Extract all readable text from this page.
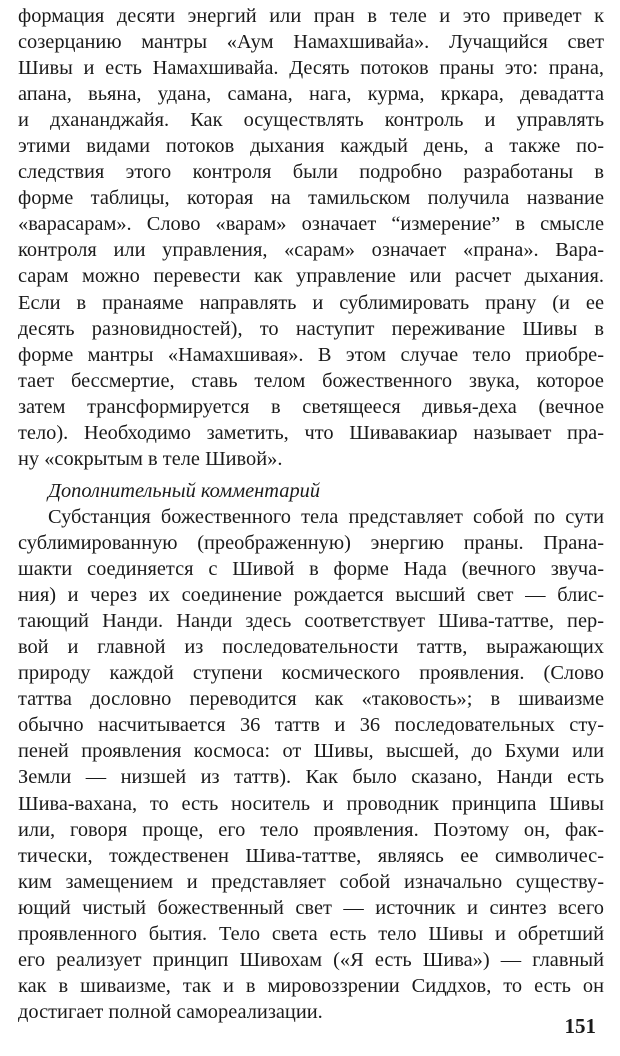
формация десяти энергий или пран в теле и это приведет к
созерцанию мантры «Аум Намахшивайа». Лучащийся свет
Шивы и есть Намахшивайа. Десять потоков праны это: прана,
апана, вьяна, удана, самана, нага, курма, кркара, девадатта
и дхананджайя. Как осуществлять контроль и управлять
этими видами потоков дыхания каждый день, а также по-
следствия этого контроля были подробно разработаны в
форме таблицы, которая на тамильском получила название
«варасарам». Слово «варам» означает “измерение” в смысле
контроля или управления, «сарам» означает «прана». Вара-
сарам можно перевести как управление или расчет дыхания.
Если в пранаяме направлять и сублимировать прану (и ее
десять разновидностей), то наступит переживание Шивы в
форме мантры «Намахшивая». В этом случае тело приобре-
тает бессмертие, ставь телом божественного звука, которое
затем трансформируется в светящееся дивья-деха (вечное
тело). Необходимо заметить, что Шивавакиар называет пра-
ну «сокрытым в теле Шивой».
Дополнительный комментарий
Субстанция божественного тела представляет собой по сути
сублимированную (преображенную) энергию праны. Прана-
шакти соединяется с Шивой в форме Нада (вечного звуча-
ния) и через их соединение рождается высший свет — блис-
тающий Нанди. Нанди здесь соответствует Шива-таттве, пер-
вой и главной из последовательности таттв, выражающих
природу каждой ступени космического проявления. (Слово
таттва дословно переводится как «таковость»; в шиваизме
обычно насчитывается 36 таттв и 36 последовательных сту-
пеней проявления космоса: от Шивы, высшей, до Бхуми или
Земли — низшей из таттв). Как было сказано, Нанди есть
Шива-вахана, то есть носитель и проводник принципа Шивы
или, говоря проще, его тело проявления. Поэтому он, фак-
тически, тождественен Шива-таттве, являясь ее символичес-
ким замещением и представляет собой изначально существу-
ющий чистый божественный свет — источник и синтез всего
проявленного бытия. Тело света есть тело Шивы и обретший
его реализует принцип Шивохам («Я есть Шива») — главный
как в шиваизме, так и в мировоззрении Сиддхов, то есть он
достигает полной самореализации.
151
